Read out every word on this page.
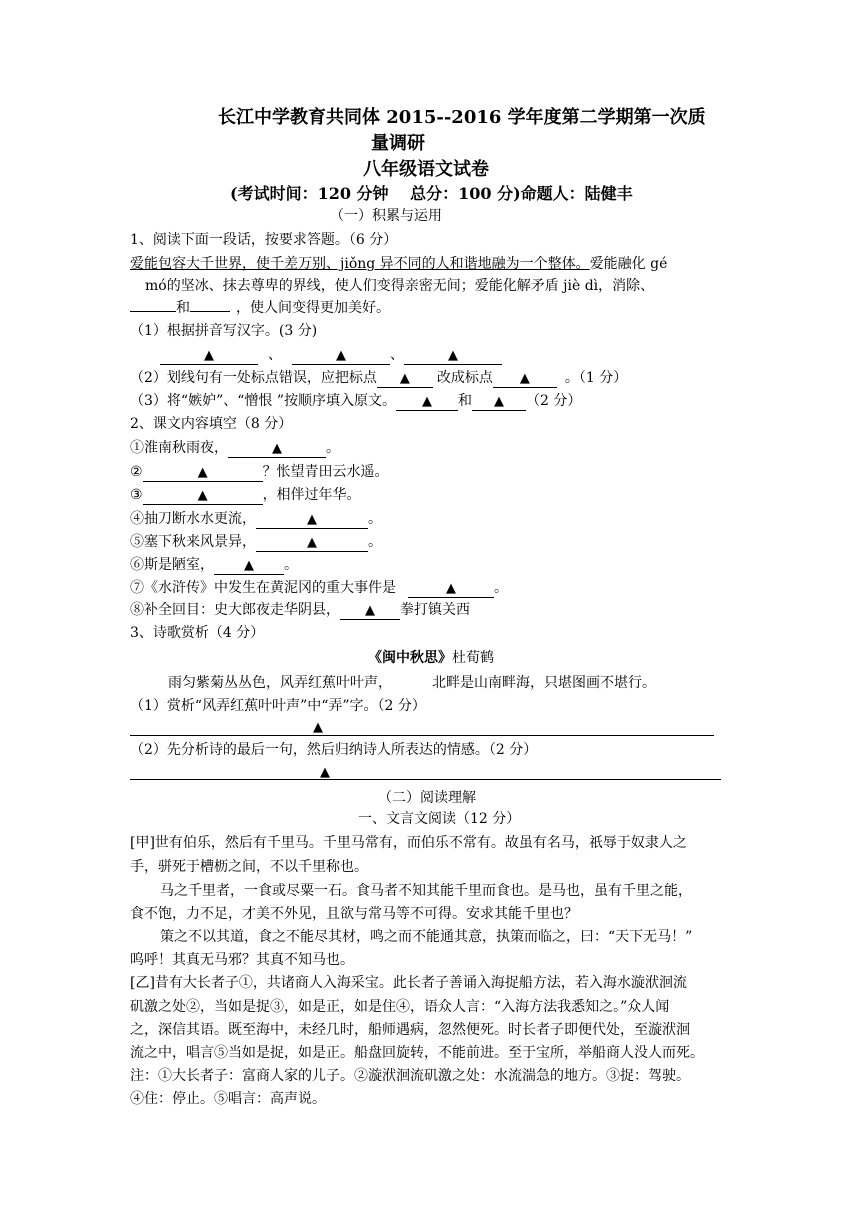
长江中学教育共同体 2015--2016 学年度第二学期第一次质
量调研
八年级语文试卷
(考试时间：120 分钟　 总分：100 分)命题人：陆健丰
（一）积累与运用
1、阅读下面一段话，按要求答题。（6 分）
爱能包容大千世界，使千差万别、jiǒng 异不同的人和谐地融为一个整体。爱能融化 gé
mó的坚冰、抹去尊卑的界线，使人们变得亲密无间；爱能化解矛盾 jiè dì，消除、
和	，使人间变得更加美好。
（1）根据拼音写汉字。(3 分)
▲	、	▲	、	▲
（2）划线句有一处标点错误，应把标点 ▲ 改成标点 ▲	。（1 分）
（3）将“嫉妒”、“憎恨 ”按顺序填入原文。 ▲ 和 ▲ （2 分）
2、课文内容填空（8 分）
①淮南秋雨夜，	▲	。
②	▲	？怅望青田云水遥。
③	▲	，相伴过年华。
④抽刀断水水更流，	▲	。
⑤塞下秋来风景异，	▲	。
⑥斯是陋室， ▲ 。
⑦《水浒传》中发生在黄泥冈的重大事件是	▲	。
⑧补全回目：史大郎夜走华阴县， ▲ 拳打镇关西
3、诗歌赏析（4 分）
《闽中秋思》杜荀鹤
雨匀紫菊丛丛色，风弄红蕉叶叶声，	北畔是山南畔海，只堪图画不堪行。
（1）赏析“风弄红蕉叶叶声”中“弄”字。（2 分）
▲
（2）先分析诗的最后一句，然后归纳诗人所表达的情感。（2 分）
▲
（二）阅读理解
一、文言文阅读（12 分）
[甲]世有伯乐，然后有千里马。千里马常有，而伯乐不常有。故虽有名马，祇辱于奴隶人之
手，骈死于槽枥之间，不以千里称也。
马之千里者，一食或尽粟一石。食马者不知其能千里而食也。是马也，虽有千里之能，
食不饱，力不足，才美不外见，且欲与常马等不可得。安求其能千里也？
策之不以其道，食之不能尽其材，鸣之而不能通其意，执策而临之，曰：“天下无马！”
呜呼！其真无马邪？其真不知马也。
[乙]昔有大长者子①，共诸商人入海采宝。此长者子善诵入海捉船方法，若入海水漩洑洄流
矶激之处②，当如是捉③，如是正，如是住④，语众人言：“入海方法我悉知之。”众人闻
之，深信其语。既至海中，未经几时，船师遇病，忽然便死。时长者子即便代处，至漩洑洄
流之中，唱言⑤当如是捉，如是正。船盘回旋转，不能前进。至于宝所，举船商人没人而死。
注：①大长者子：富商人家的儿子。②漩洑洄流矶激之处：水流湍急的地方。③捉：驾驶。
④住：停止。⑤唱言：高声说。
